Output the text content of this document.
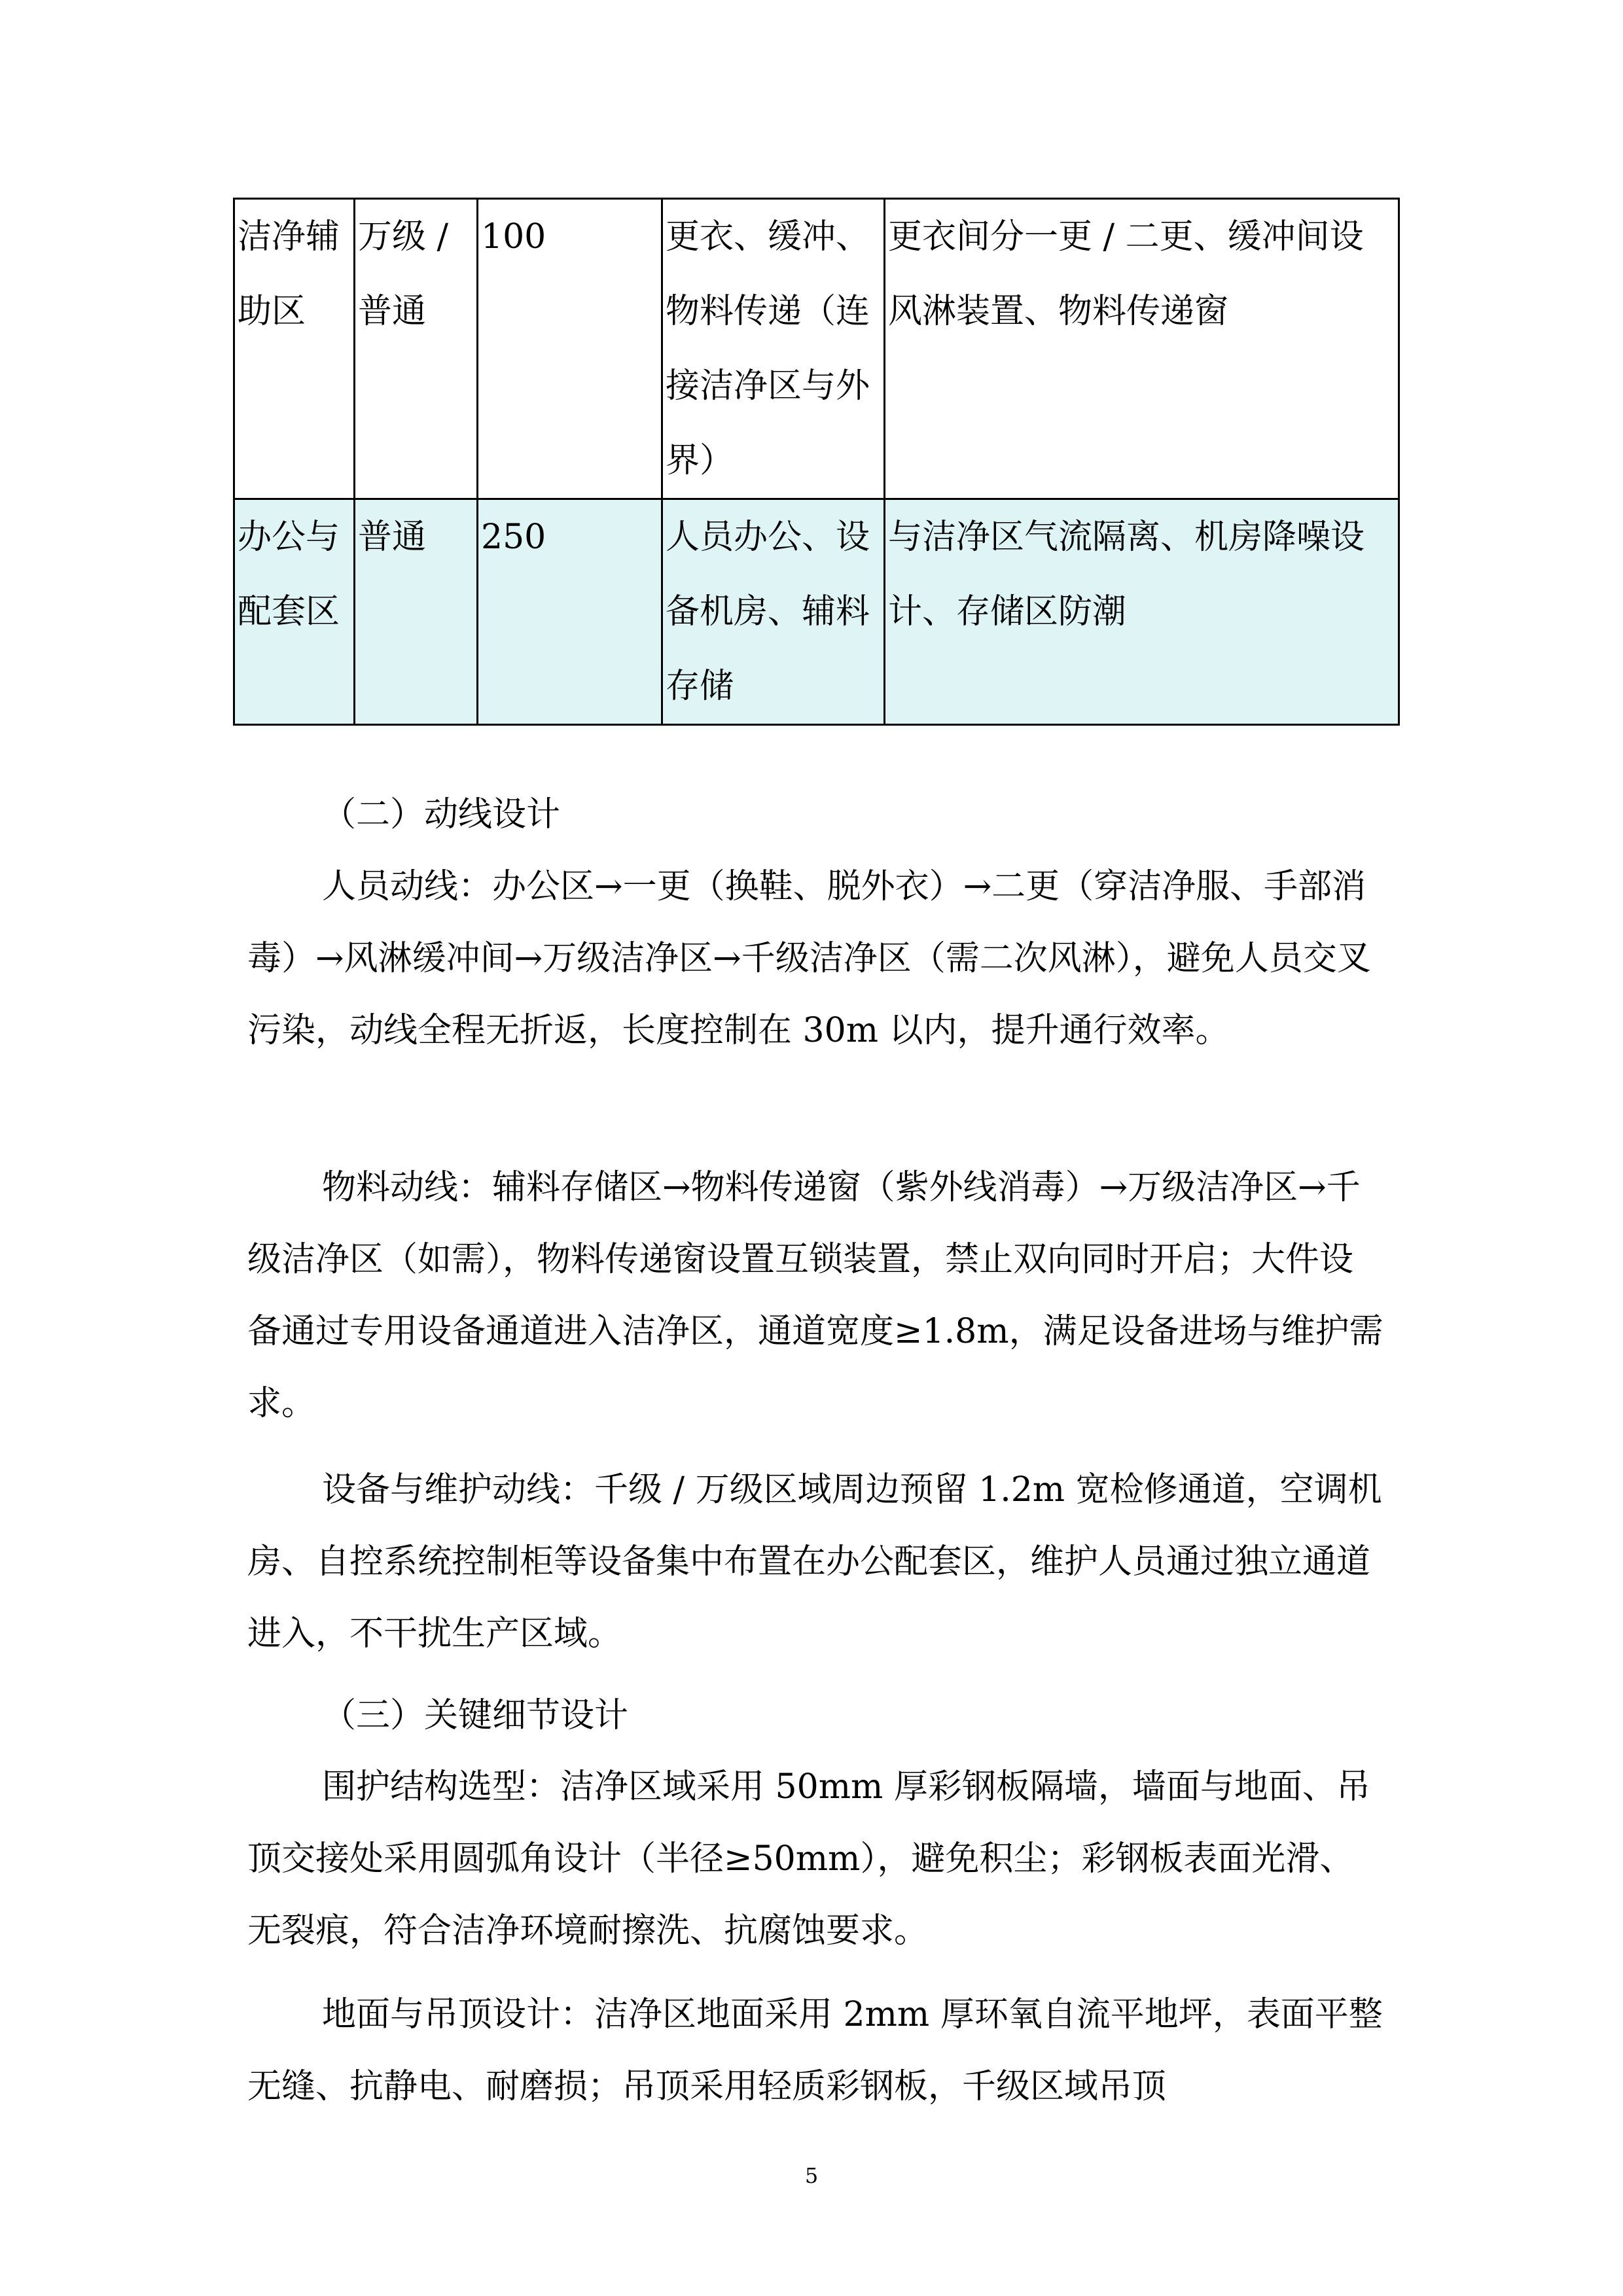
洁净辅助区	万级 /普通	100	更衣、缓冲、物料传递（连接洁净区与外界）	更衣间分一更 / 二更、缓冲间设风淋装置、物料传递窗
办公与配套区	普通	250	人员办公、设备机房、辅料存储	与洁净区气流隔离、机房降噪设计、存储区防潮
（二）动线设计
人员动线：办公区→一更（换鞋、脱外衣）→二更（穿洁净服、手部消毒）→风淋缓冲间→万级洁净区→千级洁净区（需二次风淋），避免人员交叉污染，动线全程无折返，长度控制在 30m 以内，提升通行效率。
物料动线：辅料存储区→物料传递窗（紫外线消毒）→万级洁净区→千级洁净区（如需），物料传递窗设置互锁装置，禁止双向同时开启；大件设备通过专用设备通道进入洁净区，通道宽度≥1.8m，满足设备进场与维护需求。
设备与维护动线：千级 / 万级区域周边预留 1.2m 宽检修通道，空调机房、自控系统控制柜等设备集中布置在办公配套区，维护人员通过独立通道进入，不干扰生产区域。
（三）关键细节设计
围护结构选型：洁净区域采用 50mm 厚彩钢板隔墙，墙面与地面、吊顶交接处采用圆弧角设计（半径≥50mm），避免积尘；彩钢板表面光滑、无裂痕，符合洁净环境耐擦洗、抗腐蚀要求。
地面与吊顶设计：洁净区地面采用 2mm 厚环氧自流平地坪，表面平整无缝、抗静电、耐磨损；吊顶采用轻质彩钢板，千级区域吊顶
5
